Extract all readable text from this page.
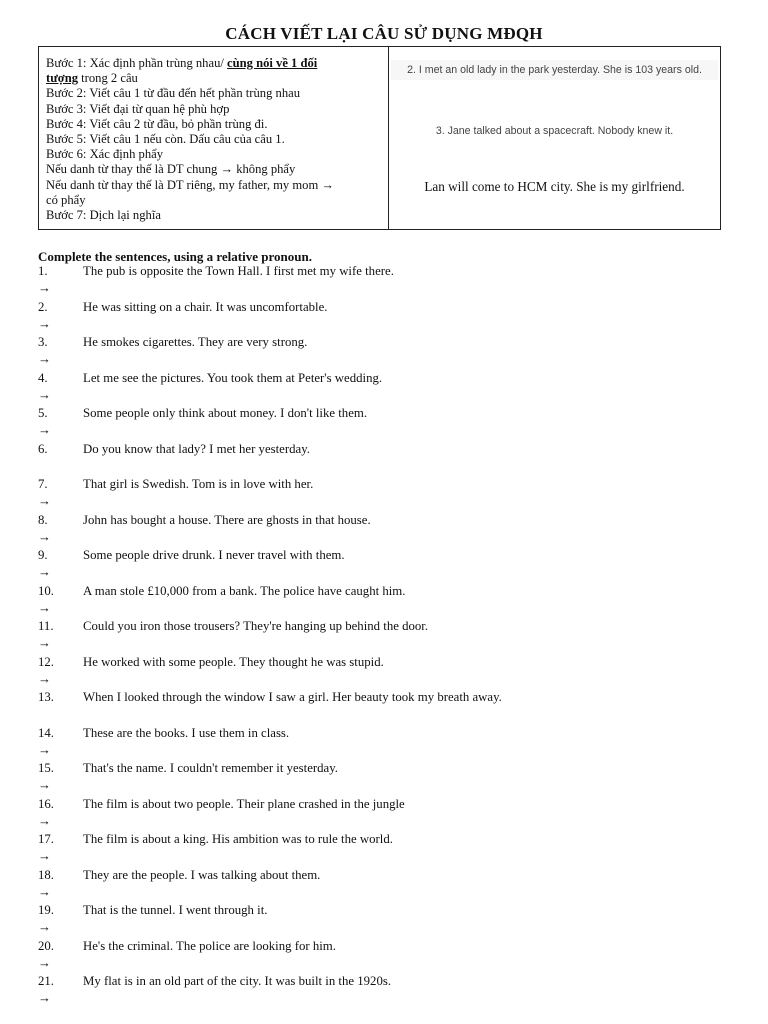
CÁCH VIẾT LẠI CÂU SỬ DỤNG MĐQH
Bước 1: Xác định phần trùng nhau/ cùng nói về 1 đối
tượng trong 2 câu
Bước 2: Viết câu 1 từ đầu đến hết phần trùng nhau
Bước 3: Viết đại từ quan hệ phù hợp
Bước 4: Viết câu 2 từ đầu, bỏ phần trùng đi.
Bước 5: Viết câu 1 nếu còn. Dấu câu của câu 1.
Bước 6: Xác định phẩy
Nếu danh từ thay thế là DT chung → không phẩy
Nếu danh từ thay thế là DT riêng, my father, my mom →
có phẩy
Bước 7: Dịch lại nghĩa
2. I met an old lady in the park yesterday. She is 103 years old.
3. Jane talked about a spacecraft. Nobody knew it.
Lan will come to HCM city. She is my girlfriend.
Complete the sentences, using a relative pronoun.
1.	The pub is opposite the Town Hall. I first met my wife there.
→
2.	He was sitting on a chair. It was uncomfortable.
→
3.	He smokes cigarettes. They are very strong.
→
4.	Let me see the pictures. You took them at Peter's wedding.
→
5.	Some people only think about money. I don't like them.
→
6.	Do you know that lady? I met her yesterday.
7.	That girl is Swedish. Tom is in love with her.
→
8.	John has bought a house. There are ghosts in that house.
→
9.	Some people drive drunk. I never travel with them.
→
10. A man stole £10,000 from a bank. The police have caught him.
→
11. Could you iron those trousers? They're hanging up behind the door.
→
12. He worked with some people. They thought he was stupid.
→
13. When I looked through the window I saw a girl. Her beauty took my breath away.
14. These are the books. I use them in class.
→
15. That's the name. I couldn't remember it yesterday.
→
16. The film is about two people. Their plane crashed in the jungle
→
17. The film is about a king. His ambition was to rule the world.
→
18. They are the people. I was talking about them.
→
19. That is the tunnel. I went through it.
→
20. He's the criminal. The police are looking for him.
→
21. My flat is in an old part of the city. It was built in the 1920s.
→
